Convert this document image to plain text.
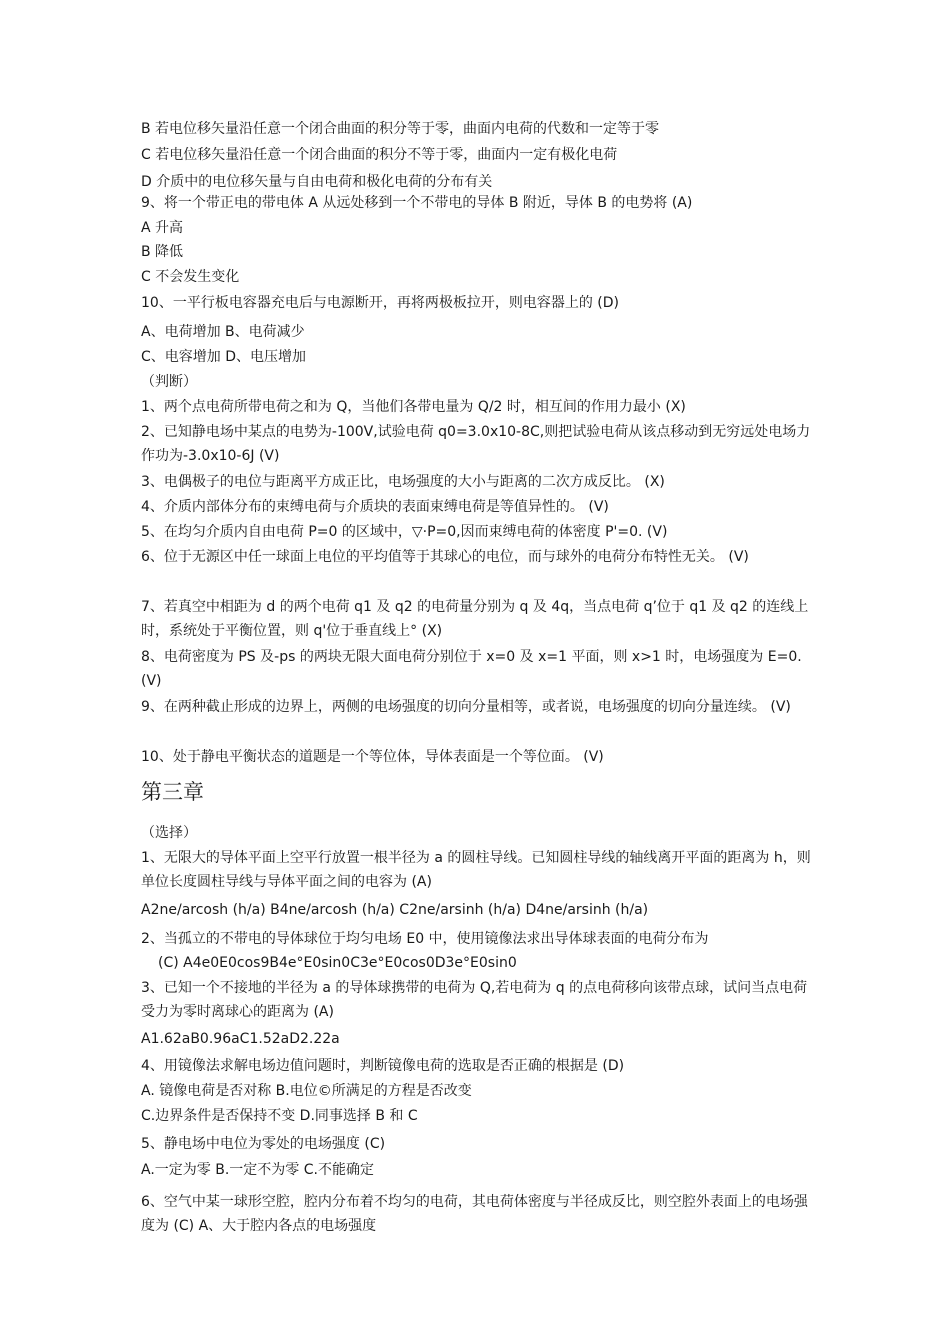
B 若电位移矢量沿任意一个闭合曲面的积分等于零，曲面内电荷的代数和一定等于零
C 若电位移矢量沿任意一个闭合曲面的积分不等于零，曲面内一定有极化电荷
D 介质中的电位移矢量与自由电荷和极化电荷的分布有关
9、将一个带正电的带电体 A 从远处移到一个不带电的导体 B 附近，导体 B 的电势将 (A)
A 升高
B 降低
C 不会发生变化
10、一平行板电容器充电后与电源断开，再将两极板拉开，则电容器上的 (D)
A、电荷增加 B、电荷减少
C、电容增加 D、电压增加
（判断）
1、两个点电荷所带电荷之和为 Q，当他们各带电量为 Q/2 时，相互间的作用力最小 (X)
2、已知静电场中某点的电势为-100V,试验电荷 q0=3.0x10-8C,则把试验电荷从该点移动到无穷远处电场力作功为-3.0x10-6J (V)
3、电偶极子的电位与距离平方成正比，电场强度的大小与距离的二次方成反比。 (X)
4、介质内部体分布的束缚电荷与介质块的表面束缚电荷是等值异性的。 (V)
5、在均匀介质内自由电荷 P=0 的区域中，▽·P=0,因而束缚电荷的体密度 P'=0. (V)
6、位于无源区中任一球面上电位的平均值等于其球心的电位，而与球外的电荷分布特性无关。 (V)
7、若真空中相距为 d 的两个电荷 q1 及 q2 的电荷量分别为 q 及 4q，当点电荷 q’位于 q1 及 q2 的连线上时，系统处于平衡位置，则 q'位于垂直线上° (X)
8、电荷密度为 PS 及-ps 的两块无限大面电荷分别位于 x=0 及 x=1 平面，则 x>1 时，电场强度为 E=0. (V)
9、在两种截止形成的边界上，两侧的电场强度的切向分量相等，或者说，电场强度的切向分量连续。 (V)
10、处于静电平衡状态的道题是一个等位体，导体表面是一个等位面。 (V)
第三章
（选择）
1、无限大的导体平面上空平行放置一根半径为 a 的圆柱导线。已知圆柱导线的轴线离开平面的距离为 h，则单位长度圆柱导线与导体平面之间的电容为 (A)
A2ne/arcosh (h/a) B4ne/arcosh (h/a) C2ne/arsinh (h/a) D4ne/arsinh (h/a)
2、当孤立的不带电的导体球位于均匀电场 E0 中，使用镜像法求出导体球表面的电荷分布为
(C) A4e0E0cos9B4e°E0sin0C3e°E0cos0D3e°E0sin0
3、已知一个不接地的半径为 a 的导体球携带的电荷为 Q,若电荷为 q 的点电荷移向该带点球，试问当点电荷受力为零时离球心的距离为 (A)
A1.62aB0.96aC1.52aD2.22a
4、用镜像法求解电场边值问题时，判断镜像电荷的选取是否正确的根据是 (D)
A. 镜像电荷是否对称 B.电位©所满足的方程是否改变
C.边界条件是否保持不变 D.同事选择 B 和 C
5、静电场中电位为零处的电场强度 (C)
A.一定为零 B.一定不为零 C.不能确定
6、空气中某一球形空腔，腔内分布着不均匀的电荷，其电荷体密度与半径成反比，则空腔外表面上的电场强度为 (C) A、大于腔内各点的电场强度
